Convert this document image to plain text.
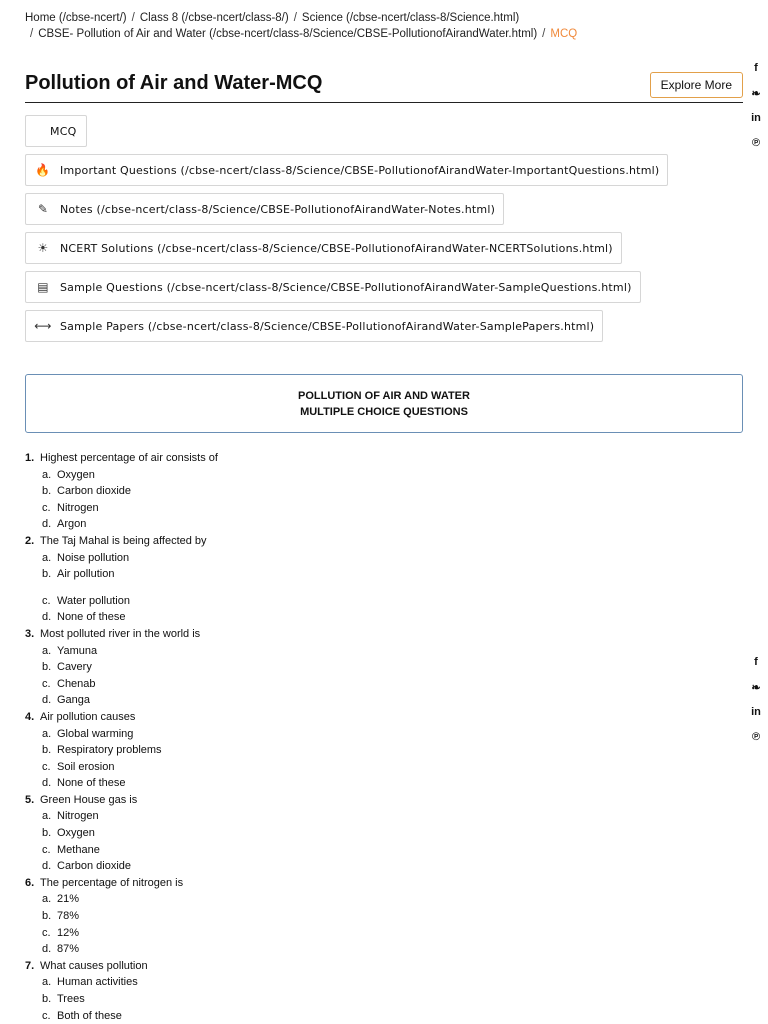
Home (/cbse-ncert/) / Class 8 (/cbse-ncert/class-8/) / Science (/cbse-ncert/class-8/Science.html)
/ CBSE- Pollution of Air and Water (/cbse-ncert/class-8/Science/CBSE-PollutionofAirandWater.html) / MCQ
Pollution of Air and Water-MCQ	Explore More
f
❧
in
℗
f
❧
in
℗
MCQ
🔥 Important Questions (/cbse-ncert/class-8/Science/CBSE-PollutionofAirandWater-ImportantQuestions.html)
✎	Notes (/cbse-ncert/class-8/Science/CBSE-PollutionofAirandWater-Notes.html)
☀	NCERT Solutions (/cbse-ncert/class-8/Science/CBSE-PollutionofAirandWater-NCERTSolutions.html)
▤ Sample Questions (/cbse-ncert/class-8/Science/CBSE-PollutionofAirandWater-SampleQuestions.html)
⟷ Sample Papers (/cbse-ncert/class-8/Science/CBSE-PollutionofAirandWater-SamplePapers.html)
POLLUTION OF AIR AND WATER
MULTIPLE CHOICE QUESTIONS
1. Highest percentage of air consists of
a. Oxygen
b. Carbon dioxide
c. Nitrogen
d. Argon
2. The Taj Mahal is being affected by
a. Noise pollution
b. Air pollution
c. Water pollution
d. None of these
3. Most polluted river in the world is
a. Yamuna
b. Cavery
c. Chenab
d. Ganga
4. Air pollution causes
a. Global warming
b. Respiratory problems
c. Soil erosion
d. None of these
5. Green House gas is
a. Nitrogen
b. Oxygen
c. Methane
d. Carbon dioxide
6. The percentage of nitrogen is
a. 21%
b. 78%
c. 12%
d. 87%
7. What causes pollution
a. Human activities
b. Trees
c. Both of these
